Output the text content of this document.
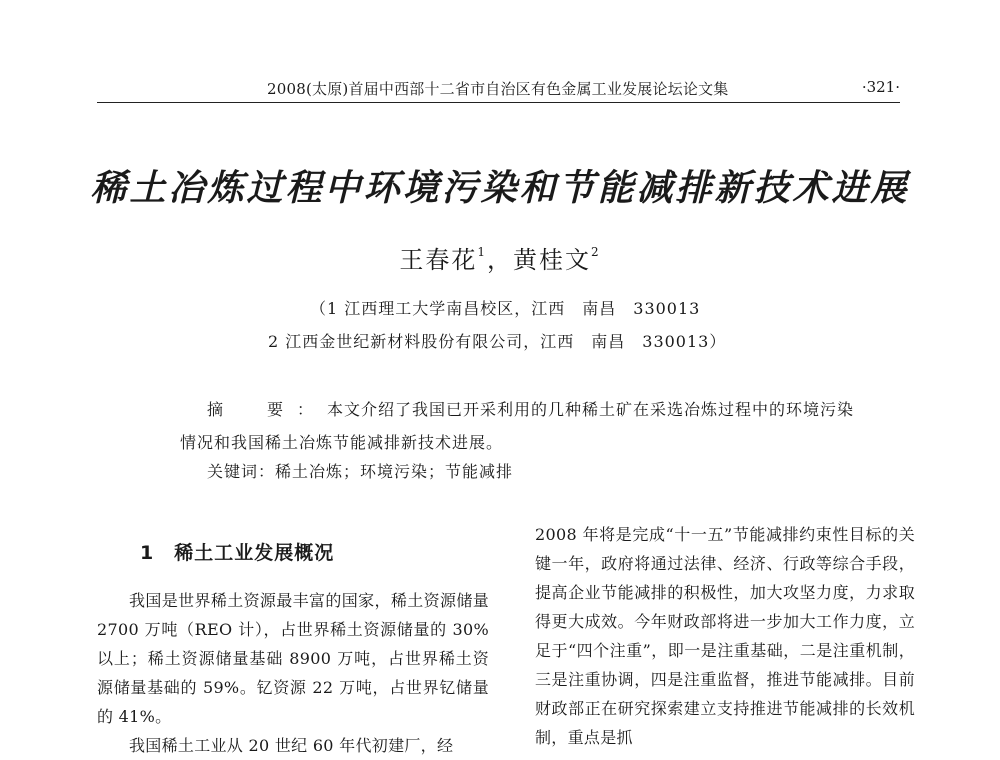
2008(太原)首届中西部十二省市自治区有色金属工业发展论坛论文集	·321·
稀土冶炼过程中环境污染和节能减排新技术进展
王春花$^1$，黄桂文$^2$
（1 江西理工大学南昌校区，江西　南昌　330013
2 江西金世纪新材料股份有限公司，江西　南昌　330013）
摘　要：本文介绍了我国已开采利用的几种稀土矿在采选冶炼过程中的环境污染情况和我国稀土冶炼节能减排新技术进展。
关键词：稀土冶炼；环境污染；节能减排
1　稀土工业发展概况

我国是世界稀土资源最丰富的国家，稀土资源储量 2700 万吨（REO 计），占世界稀土资源储量的 30%以上；稀土资源储量基础 8900 万吨，占世界稀土资源储量基础的 59%。钇资源 22 万吨，占世界钇储量的 41%。

我国稀土工业从 20 世纪 60 年代初建厂，经

2008 年将是完成“十一五”节能减排约束性目标的关键一年，政府将通过法律、经济、行政等综合手段，提高企业节能减排的积极性，加大攻坚力度，力求取得更大成效。今年财政部将进一步加大工作力度，立足于“四个注重”，即一是注重基础，二是注重机制，三是注重协调，四是注重监督，推进节能减排。目前财政部正在研究探索建立支持推进节能减排的长效机制，重点是抓
